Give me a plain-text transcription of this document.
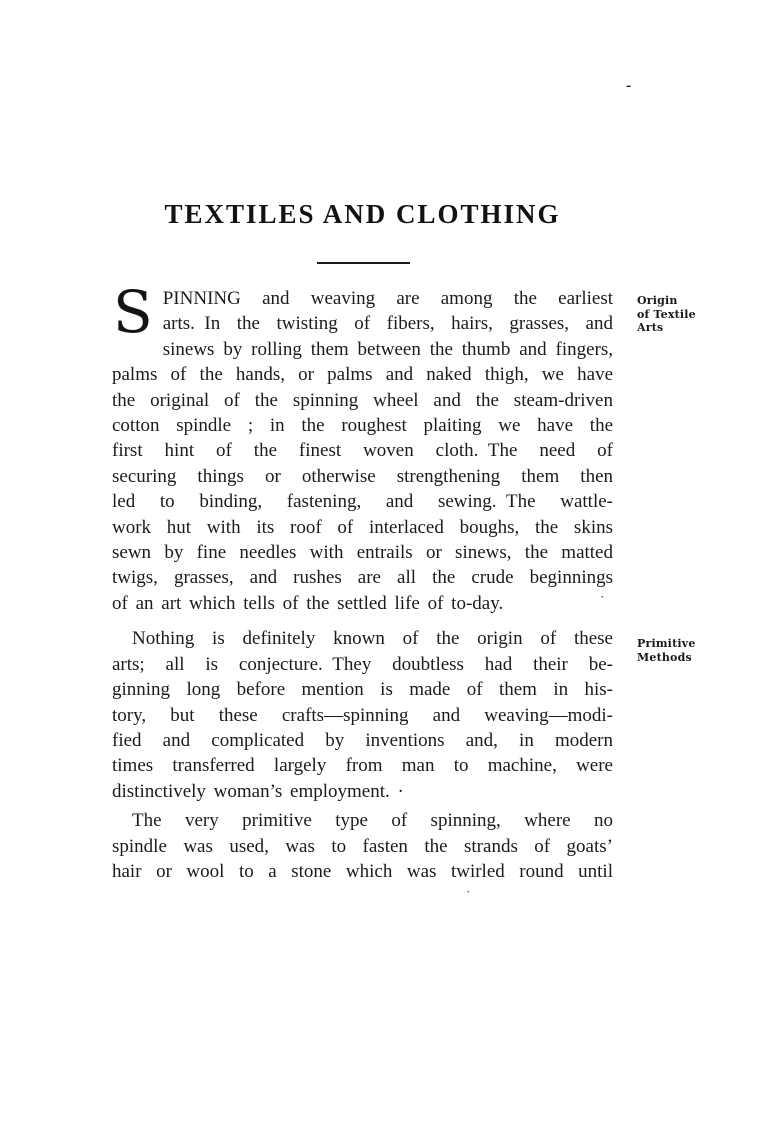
-
TEXTILES AND CLOTHING
S PINNING and weaving are among the earliest
arts. In the twisting of fibers, hairs, grasses, and
sinews by rolling them between the thumb and fingers,
palms of the hands, or palms and naked thigh, we have
the original of the spinning wheel and the steam-driven
cotton spindle ; in the roughest plaiting we have the
first hint of the finest woven cloth. The need of
securing things or otherwise strengthening them then
led to binding, fastening, and sewing. The wattle-
work hut with its roof of interlaced boughs, the skins
sewn by fine needles with entrails or sinews, the matted
twigs, grasses, and rushes are all the crude beginnings
of an art which tells of the settled life of to-day.
Nothing is definitely known of the origin of these
arts; all is conjecture. They doubtless had their be-
ginning long before mention is made of them in his-
tory, but these crafts—spinning and weaving—modi-
fied and complicated by inventions and, in modern
times transferred largely from man to machine, were
distinctively woman’s employment. ·
The very primitive type of spinning, where no
spindle was used, was to fasten the strands of goats’
hair or wool to a stone which was twirled round until
Origin
of Textile
Arts
Primitive
Methods
·
·
